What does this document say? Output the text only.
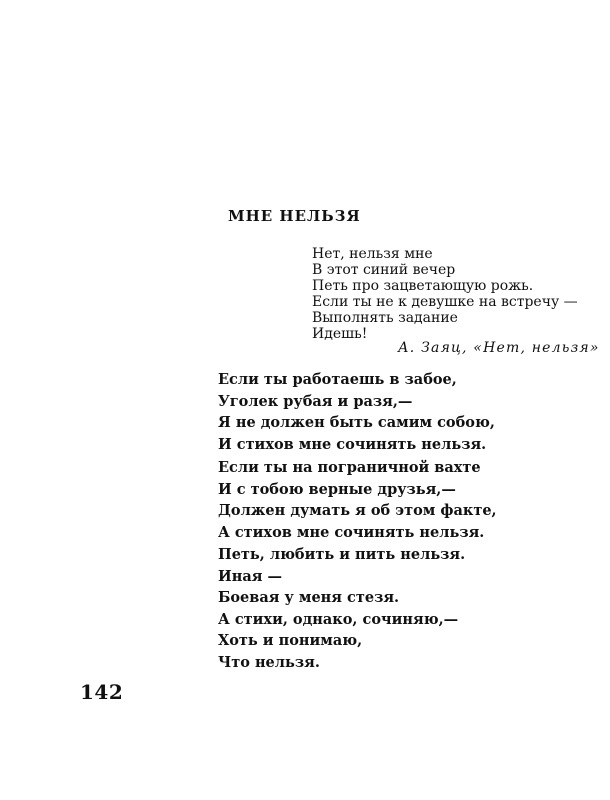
МНЕ НЕЛЬЗЯ
Нет, нельзя мне
В этот синий вечер
Петь про зацветающую рожь.
Если ты не к девушке на встречу —
Выполнять задание
Идешь!
А. Заяц, «Нет, нельзя»
Если ты работаешь в забое,
Уголек рубая и разя,—
Я не должен быть самим собою,
И стихов мне сочинять нельзя.
Если ты на пограничной вахте
И с тобою верные друзья,—
Должен думать я об этом факте,
А стихов мне сочинять нельзя.
Петь, любить и пить нельзя.
Иная —
Боевая у меня стезя.
А стихи, однако, сочиняю,—
Хоть и понимаю,
Что нельзя.
142
